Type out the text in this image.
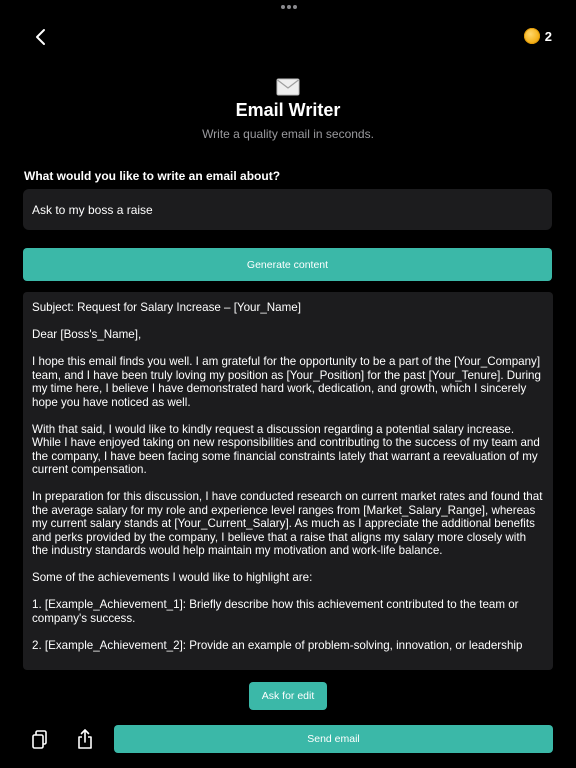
2
Email Writer
Write a quality email in seconds.
What would you like to write an email about?
Ask to my boss a raise
Generate content

Subject: Request for Salary Increase – [Your_Name]

Dear [Boss's_Name],

I hope this email finds you well. I am grateful for the opportunity to be a part of the [Your_Company] team, and I have been truly loving my position as [Your_Position] for the past [Your_Tenure]. During my time here, I believe I have demonstrated hard work, dedication, and growth, which I sincerely hope you have noticed as well.

With that said, I would like to kindly request a discussion regarding a potential salary increase. While I have enjoyed taking on new responsibilities and contributing to the success of my team and the company, I have been facing some financial constraints lately that warrant a reevaluation of my current compensation.

In preparation for this discussion, I have conducted research on current market rates and found that the average salary for my role and experience level ranges from [Market_Salary_Range], whereas my current salary stands at [Your_Current_Salary]. As much as I appreciate the additional benefits and perks provided by the company, I believe that a raise that aligns my salary more closely with the industry standards would help maintain my motivation and work-life balance.

Some of the achievements I would like to highlight are:

1. [Example_Achievement_1]: Briefly describe how this achievement contributed to the team or company's success.

2. [Example_Achievement_2]: Provide an example of problem-solving, innovation, or leadership

Ask for edit
Send email
